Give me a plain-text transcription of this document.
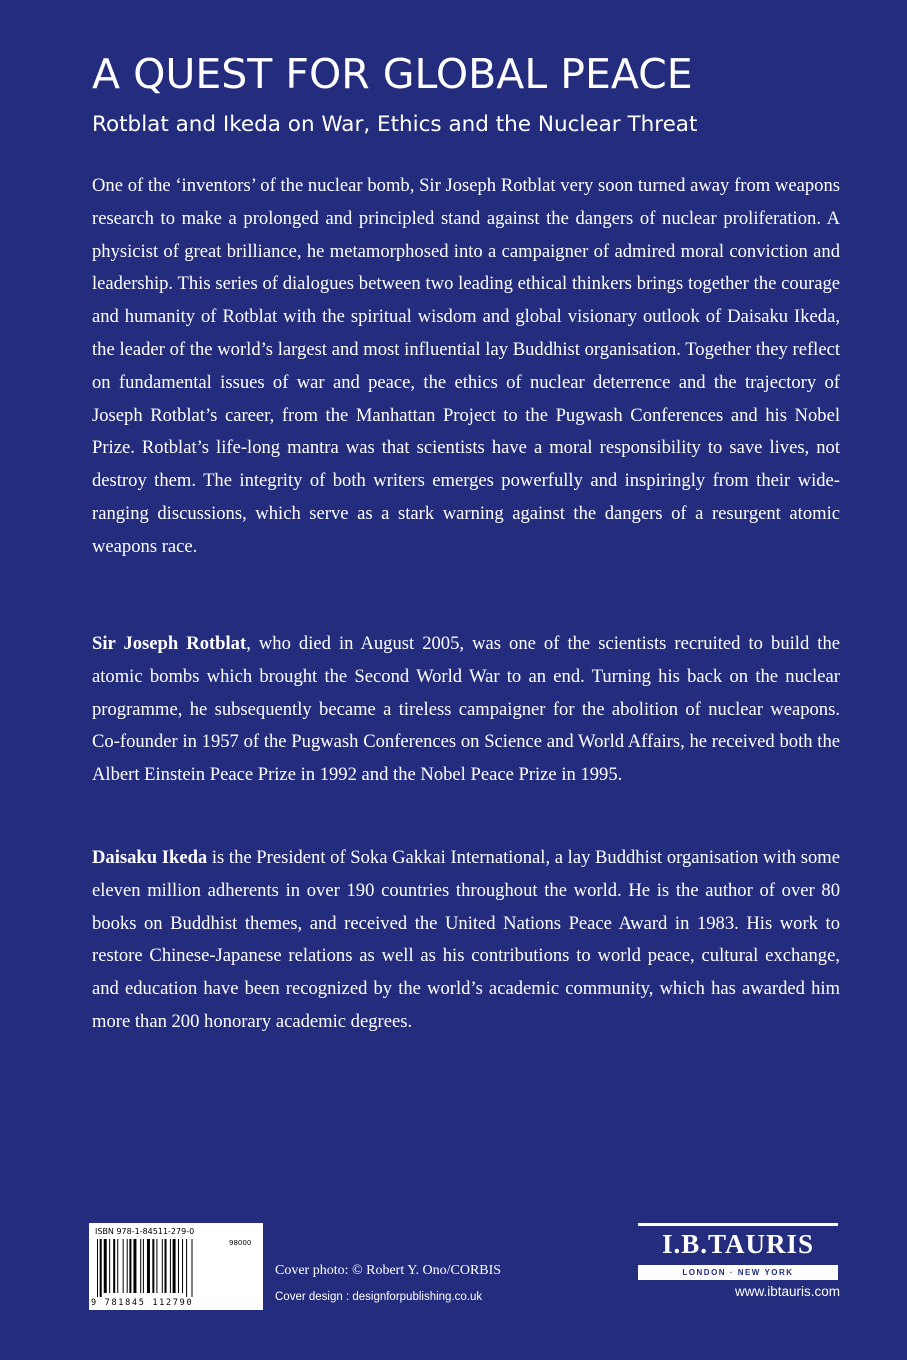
A QUEST FOR GLOBAL PEACE
Rotblat and Ikeda on War, Ethics and the Nuclear Threat

One of the ‘inventors’ of the nuclear bomb, Sir Joseph Rotblat very soon turned away from weapons research to make a prolonged and principled stand against the dangers of nuclear proliferation. A physicist of great brilliance, he metamorphosed into a campaigner of admired moral conviction and leadership. This series of dialogues between two leading ethical thinkers brings together the courage and humanity of Rotblat with the spiritual wisdom and global visionary outlook of Daisaku Ikeda, the leader of the world’s largest and most influential lay Buddhist organisation. Together they reflect on fundamental issues of war and peace, the ethics of nuclear deterrence and the trajectory of Joseph Rotblat’s career, from the Manhattan Project to the Pugwash Conferences and his Nobel Prize. Rotblat’s life-long mantra was that scientists have a moral responsibility to save lives, not destroy them. The integrity of both writers emerges powerfully and inspiringly from their wide-ranging discussions, which serve as a stark warning against the dangers of a resurgent atomic weapons race.

Sir Joseph Rotblat, who died in August 2005, was one of the scientists recruited to build the atomic bombs which brought the Second World War to an end. Turning his back on the nuclear programme, he subsequently became a tireless campaigner for the abolition of nuclear weapons. Co-founder in 1957 of the Pugwash Conferences on Science and World Affairs, he received both the Albert Einstein Peace Prize in 1992 and the Nobel Peace Prize in 1995.

Daisaku Ikeda is the President of Soka Gakkai International, a lay Buddhist organisation with some eleven million adherents in over 190 countries throughout the world. He is the author of over 80 books on Buddhist themes, and received the United Nations Peace Award in 1983. His work to restore Chinese-Japanese relations as well as his contributions to world peace, cultural exchange, and education have been recognized by the world’s academic community, which has awarded him more than 200 honorary academic degrees.

ISBN 978-1-84511-279-0
98000
9 781845 112790
Cover photo: © Robert Y. Ono/CORBIS
Cover design : designforpublishing.co.uk
I.B.TAURIS
LONDON · NEW YORK
www.ibtauris.com
